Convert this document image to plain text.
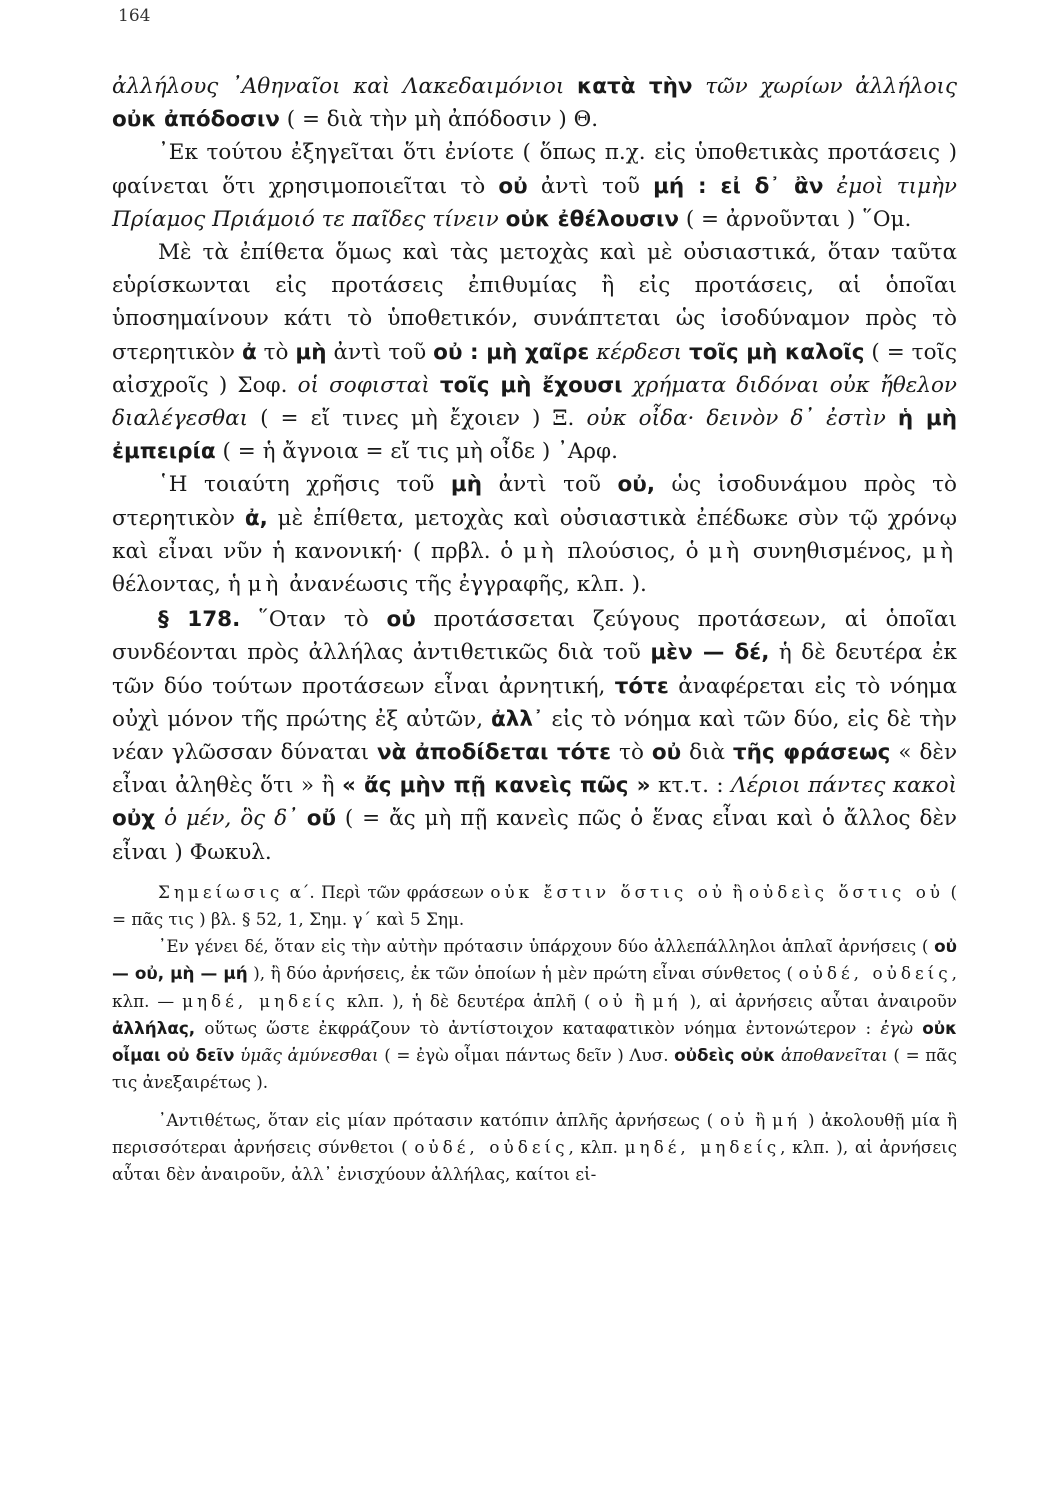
164

ἀλλήλους ᾽Αθηναῖοι καὶ Λακεδαιμόνιοι κατὰ τὴν τῶν χωρίων ἀλλήλοις οὐκ ἀπόδοσιν ( = διὰ τὴν μὴ ἀπόδοσιν ) Θ.

᾽Εκ τούτου ἐξηγεῖται ὅτι ἐνίοτε ( ὅπως π.χ. εἰς ὑποθετικὰς προτάσεις ) φαίνεται ὅτι χρησιμοποιεῖται τὸ οὐ ἀντὶ τοῦ μή : εἰ δ᾽ ἂν ἐμοὶ τιμὴν Πρίαμος Πριάμοιό τε παῖδες τίνειν οὐκ ἐθέλουσιν ( = ἀρνοῦνται ) ῞Ομ.

Μὲ τὰ ἐπίθετα ὅμως καὶ τὰς μετοχὰς καὶ μὲ οὐσιαστικά, ὅταν ταῦτα εὑρίσκωνται εἰς προτάσεις ἐπιθυμίας ἢ εἰς προτάσεις, αἱ ὁποῖαι ὑποσημαίνουν κάτι τὸ ὑποθετικόν, συνάπτεται ὡς ἰσοδύναμον πρὸς τὸ στερητικὸν ἀ τὸ μὴ ἀντὶ τοῦ οὐ : μὴ χαῖρε κέρδεσι τοῖς μὴ καλοῖς ( = τοῖς αἰσχροῖς ) Σοφ. οἱ σοφισταὶ τοῖς μὴ ἔχουσι χρήματα διδόναι οὐκ ἤθελον διαλέγεσθαι ( = εἴ τινες μὴ ἔχοιεν ) Ξ. οὐκ οἶδα· δεινὸν δ᾽ ἐστὶν ἡ μὴ ἐμπειρία ( = ἡ ἄγνοια = εἴ τις μὴ οἶδε ) ᾽Αρφ.

῾Η τοιαύτη χρῆσις τοῦ μὴ ἀντὶ τοῦ οὐ, ὡς ἰσοδυνάμου πρὸς τὸ στερητικὸν ἀ, μὲ ἐπίθετα, μετοχὰς καὶ οὐσιαστικὰ ἐπέδωκε σὺν τῷ χρόνῳ καὶ εἶναι νῦν ἡ κανονική· ( πρβλ. ὁ μὴ πλούσιος, ὁ μὴ συνηθισμένος, μὴ θέλοντας, ἡ μὴ ἀνανέωσις τῆς ἐγγραφῆς, κλπ. ).

§ 178. ῞Οταν τὸ οὐ προτάσσεται ζεύγους προτάσεων, αἱ ὁποῖαι συνδέονται πρὸς ἀλλήλας ἀντιθετικῶς διὰ τοῦ μὲν — δέ, ἡ δὲ δευτέρα ἐκ τῶν δύο τούτων προτάσεων εἶναι ἀρνητική, τότε ἀναφέρεται εἰς τὸ νόημα οὐχὶ μόνον τῆς πρώτης ἐξ αὐτῶν, ἀλλ᾽ εἰς τὸ νόημα καὶ τῶν δύο, εἰς δὲ τὴν νέαν γλῶσσαν δύναται νὰ ἀποδίδεται τότε τὸ οὐ διὰ τῆς φράσεως « δὲν εἶναι ἀληθὲς ὅτι » ἢ « ἄς μὴν πῇ κανεὶς πῶς » κτ.τ. : Λέριοι πάντες κακοὶ οὐχ ὁ μέν, ὃς δ᾽ οὔ ( = ἄς μὴ πῇ κανεὶς πῶς ὁ ἕνας εἶναι καὶ ὁ ἄλλος δὲν εἶναι ) Φωκυλ.

Σημείωσις α΄. Περὶ τῶν φράσεων οὐκ ἔστιν ὅστις οὐ ἢ οὐδεὶς ὅστις οὐ ( = πᾶς τις ) βλ. § 52, 1, Σημ. γ΄ καὶ 5 Σημ.

᾽Εν γένει δέ, ὅταν εἰς τὴν αὐτὴν πρότασιν ὑπάρχουν δύο ἀλλεπάλληλοι ἁπλαῖ ἀρνήσεις ( οὐ — οὐ, μὴ — μή ), ἢ δύο ἀρνήσεις, ἐκ τῶν ὁποίων ἡ μὲν πρώτη εἶναι σύνθετος ( οὐδέ, οὐδείς, κλπ. — μηδέ, μηδείς κλπ. ), ἡ δὲ δευτέρα ἁπλῆ ( οὐ ἢ μή ), αἱ ἀρνήσεις αὗται ἀναιροῦν ἀλλήλας, οὕτως ὥστε ἐκφράζουν τὸ ἀντίστοιχον καταφατικὸν νόημα ἐντονώτερον : ἐγὼ οὐκ οἶμαι οὐ δεῖν ὑμᾶς ἀμύνεσθαι ( = ἐγὼ οἶμαι πάντως δεῖν ) Λυσ. οὐδεὶς οὐκ ἀποθανεῖται ( = πᾶς τις ἀνεξαιρέτως ).

᾽Αντιθέτως, ὅταν εἰς μίαν πρότασιν κατόπιν ἁπλῆς ἀρνήσεως ( οὐ ἢ μή ) ἀκολουθῇ μία ἢ περισσότεραι ἀρνήσεις σύνθετοι ( οὐδέ, οὐδείς, κλπ. μηδέ, μηδείς, κλπ. ), αἱ ἀρνήσεις αὗται δὲν ἀναιροῦν, ἀλλ᾽ ἐνισχύουν ἀλλήλας, καίτοι εἰ-
